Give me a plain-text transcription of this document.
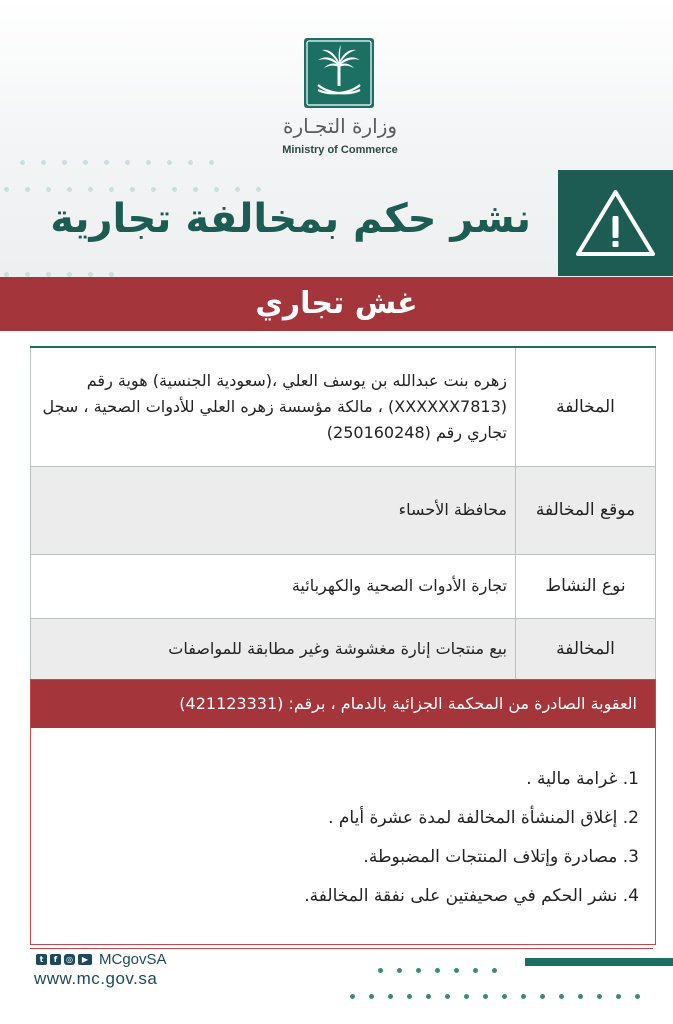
وزارة التجـارة
Ministry of Commerce
نشر حكم بمخالفة تجارية
غش تجاري
المخالفة	زهره بنت عبدالله بن يوسف العلي ،(سعودية الجنسية) هوية رقم (XXXXXX7813) ، مالكة مؤسسة زهره العلي للأدوات الصحية ، سجل تجاري رقم (250160248)
موقع المخالفة	محافظة الأحساء
نوع النشاط	تجارة الأدوات الصحية والكهربائية
المخالفة	بيع منتجات إنارة مغشوشة وغير مطابقة للمواصفات
العقوبة الصادرة من المحكمة الجزائية بالدمام ، برقم: (421123331)
1. غرامة مالية .
2. إغلاق المنشأة المخالفة لمدة عشرة أيام .
3. مصادرة وإتلاف المنتجات المضبوطة.
4. نشر الحكم في صحيفتين على نفقة المخالفة.
t	f	◎	▶ MCgovSA
www.mc.gov.sa
